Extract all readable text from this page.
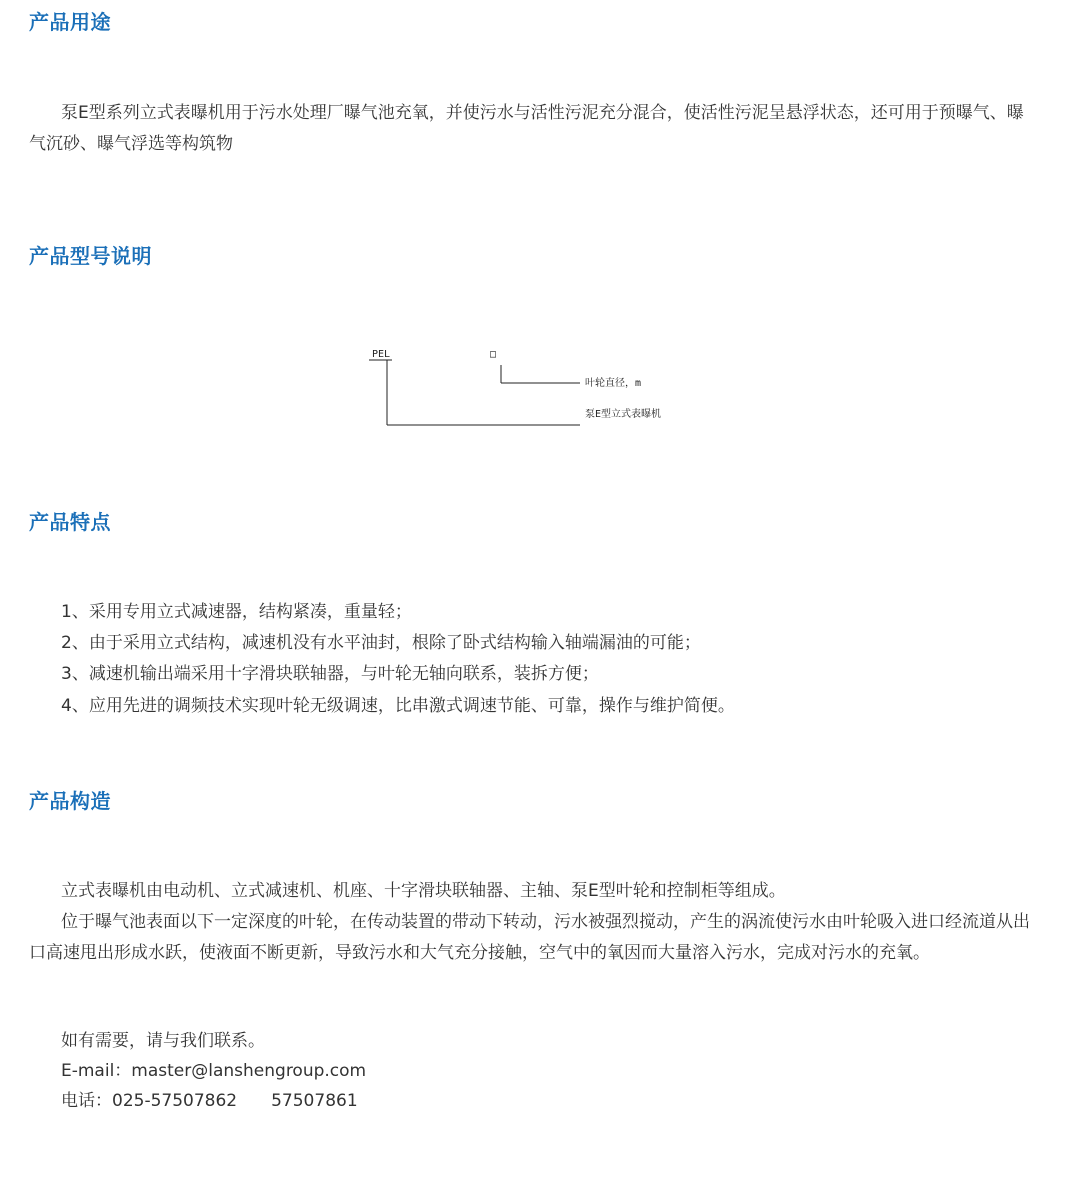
产品用途

泵E型系列立式表曝机用于污水处理厂曝气池充氧，并使污水与活性污泥充分混合，使活性污泥呈悬浮状态，还可用于预曝气、曝气沉砂、曝气浮选等构筑物

产品型号说明
PEL	□
叶轮直径，m
泵E型立式表曝机
产品特点

1、采用专用立式减速器，结构紧凑，重量轻；

2、由于采用立式结构，减速机没有水平油封，根除了卧式结构输入轴端漏油的可能；

3、减速机输出端采用十字滑块联轴器，与叶轮无轴向联系，装拆方便；

4、应用先进的调频技术实现叶轮无级调速，比串激式调速节能、可靠，操作与维护简便。

产品构造

立式表曝机由电动机、立式减速机、机座、十字滑块联轴器、主轴、泵E型叶轮和控制柜等组成。

位于曝气池表面以下一定深度的叶轮，在传动装置的带动下转动，污水被强烈搅动，产生的涡流使污水由叶轮吸入进口经流道从出口高速甩出形成水跃，使液面不断更新，导致污水和大气充分接触，空气中的氧因而大量溶入污水，完成对污水的充氧。

如有需要，请与我们联系。

E-mail：master@lanshengroup.com

电话：025-57507862　　57507861
